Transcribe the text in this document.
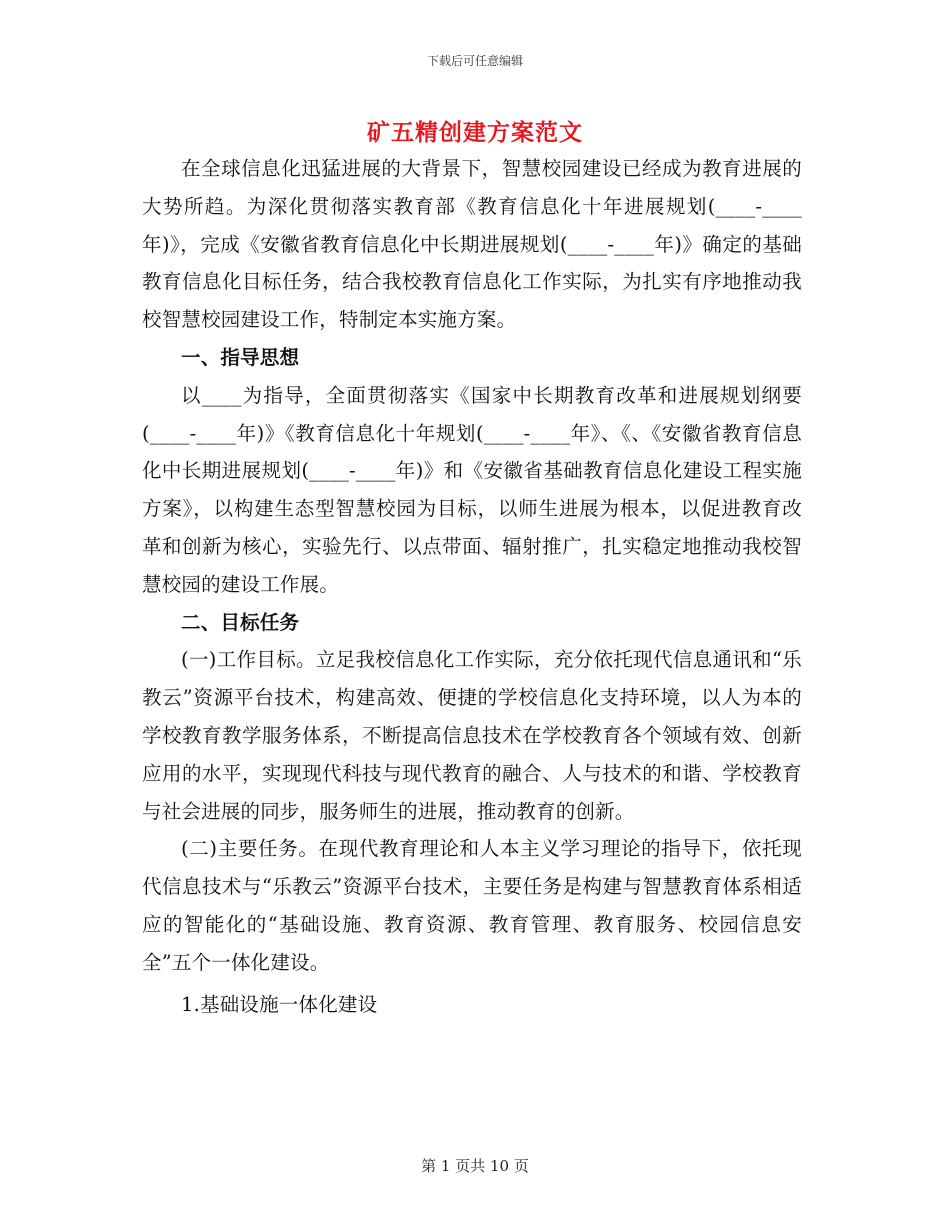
下载后可任意编辑
矿五精创建方案范文

在全球信息化迅猛进展的大背景下，智慧校园建设已经成为教育进展的大势所趋。为深化贯彻落实教育部《教育信息化十年进展规划(____-____年)》，完成《安徽省教育信息化中长期进展规划(____-____年)》确定的基础教育信息化目标任务，结合我校教育信息化工作实际，为扎实有序地推动我校智慧校园建设工作，特制定本实施方案。

一、指导思想

以____为指导，全面贯彻落实《国家中长期教育改革和进展规划纲要(____-____年)》《教育信息化十年规划(____-____年》、《、《安徽省教育信息化中长期进展规划(____-____年)》和《安徽省基础教育信息化建设工程实施方案》，以构建生态型智慧校园为目标，以师生进展为根本，以促进教育改革和创新为核心，实验先行、以点带面、辐射推广，扎实稳定地推动我校智慧校园的建设工作展。

二、目标任务

(一)工作目标。立足我校信息化工作实际，充分依托现代信息通讯和“乐教云”资源平台技术，构建高效、便捷的学校信息化支持环境，以人为本的学校教育教学服务体系，不断提高信息技术在学校教育各个领域有效、创新应用的水平，实现现代科技与现代教育的融合、人与技术的和谐、学校教育与社会进展的同步，服务师生的进展，推动教育的创新。

(二)主要任务。在现代教育理论和人本主义学习理论的指导下，依托现代信息技术与“乐教云”资源平台技术，主要任务是构建与智慧教育体系相适应的智能化的“基础设施、教育资源、教育管理、教育服务、校园信息安全”五个一体化建设。

1.基础设施一体化建设

第 1 页共 10 页
